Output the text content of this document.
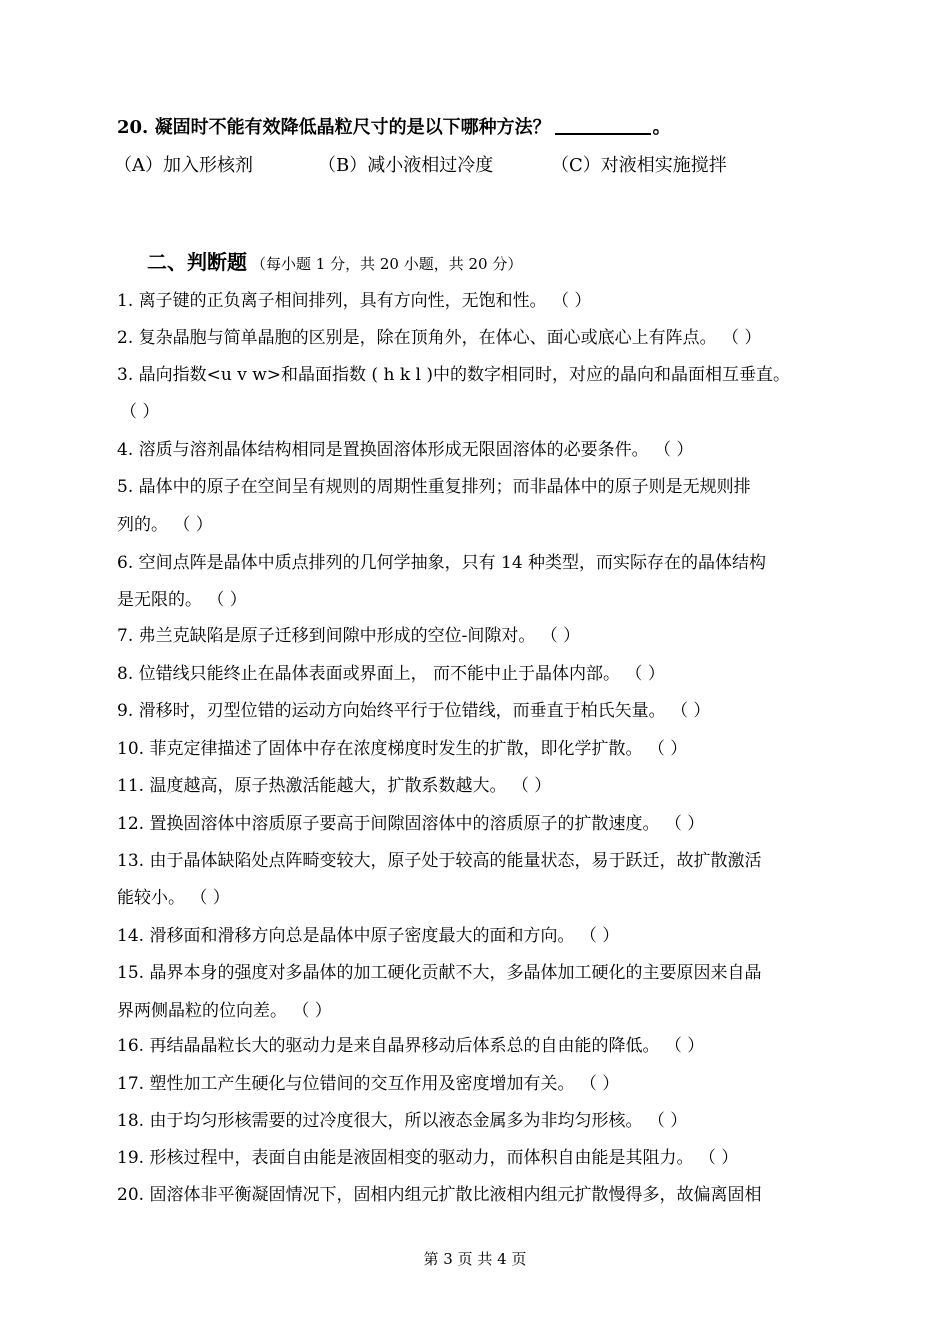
20. 凝固时不能有效降低晶粒尺寸的是以下哪种方法？	。
（A）加入形核剂	（B）减小液相过冷度	（C）对液相实施搅拌
二、判断题 （每小题 1 分，共 20 小题，共 20 分）
1. 离子键的正负离子相间排列，具有方向性，无饱和性。 （ ）
2. 复杂晶胞与简单晶胞的区别是，除在顶角外，在体心、面心或底心上有阵点。 （ ）
3. 晶向指数<u v w>和晶面指数 ( h k l )中的数字相同时，对应的晶向和晶面相互垂直。
（ ）
4. 溶质与溶剂晶体结构相同是置换固溶体形成无限固溶体的必要条件。 （ ）
5. 晶体中的原子在空间呈有规则的周期性重复排列；而非晶体中的原子则是无规则排
列的。 （ ）
6. 空间点阵是晶体中质点排列的几何学抽象，只有 14 种类型，而实际存在的晶体结构
是无限的。 （ ）
7. 弗兰克缺陷是原子迁移到间隙中形成的空位-间隙对。 （ ）
8. 位错线只能终止在晶体表面或界面上， 而不能中止于晶体内部。 （ ）
9. 滑移时，刃型位错的运动方向始终平行于位错线，而垂直于柏氏矢量。 （ ）
10. 菲克定律描述了固体中存在浓度梯度时发生的扩散，即化学扩散。 （ ）
11. 温度越高，原子热激活能越大，扩散系数越大。 （ ）
12. 置换固溶体中溶质原子要高于间隙固溶体中的溶质原子的扩散速度。 （ ）
13. 由于晶体缺陷处点阵畸变较大，原子处于较高的能量状态，易于跃迁，故扩散激活
能较小。 （ ）
14. 滑移面和滑移方向总是晶体中原子密度最大的面和方向。 （ ）
15. 晶界本身的强度对多晶体的加工硬化贡献不大，多晶体加工硬化的主要原因来自晶
界两侧晶粒的位向差。 （ ）
16. 再结晶晶粒长大的驱动力是来自晶界移动后体系总的自由能的降低。 （ ）
17. 塑性加工产生硬化与位错间的交互作用及密度增加有关。 （ ）
18. 由于均匀形核需要的过冷度很大，所以液态金属多为非均匀形核。 （ ）
19. 形核过程中，表面自由能是液固相变的驱动力，而体积自由能是其阻力。 （ ）
20. 固溶体非平衡凝固情况下，固相内组元扩散比液相内组元扩散慢得多，故偏离固相
第 3 页 共 4 页
